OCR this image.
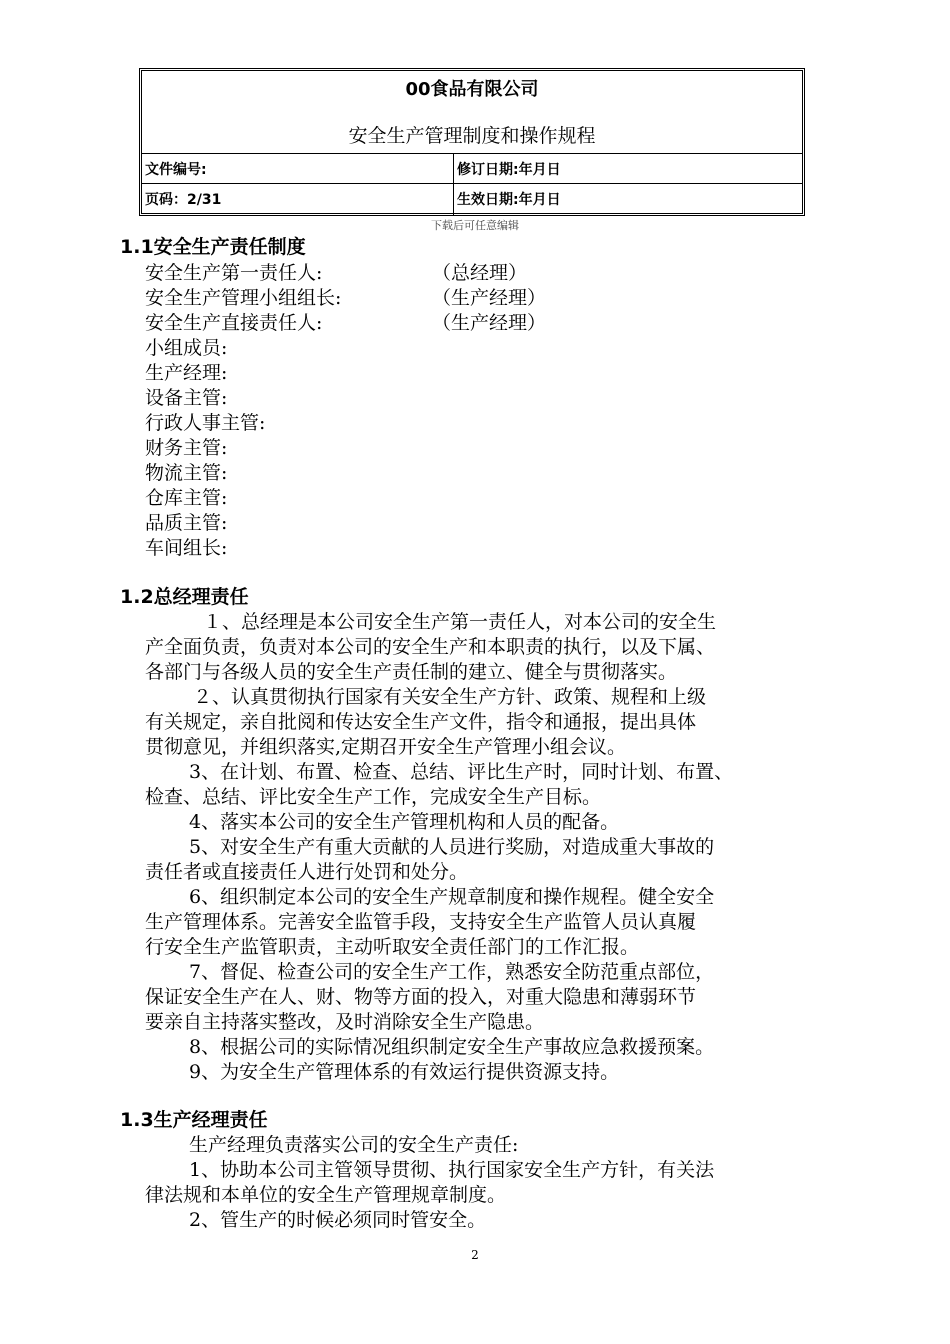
00食品有限公司
安全生产管理制度和操作规程
文件编号:	修订日期:年月日
页码：2/31	生效日期:年月日
下载后可任意编辑
1.1安全生产责任制度
安全生产第一责任人:	（总经理）
安全生产管理小组组长:	（生产经理）
安全生产直接责任人:	（生产经理）
小组成员:
生产经理:
设备主管:
行政人事主管:
财务主管:
物流主管:
仓库主管:
品质主管:
车间组长:
1.2总经理责任
１、总经理是本公司安全生产第一责任人，对本公司的安全生
产全面负责，负责对本公司的安全生产和本职责的执行，以及下属、
各部门与各级人员的安全生产责任制的建立、健全与贯彻落实。
２、认真贯彻执行国家有关安全生产方针、政策、规程和上级
有关规定，亲自批阅和传达安全生产文件，指令和通报，提出具体
贯彻意见，并组织落实,定期召开安全生产管理小组会议。
3、在计划、布置、检查、总结、评比生产时，同时计划、布置、
检查、总结、评比安全生产工作，完成安全生产目标。
4、落实本公司的安全生产管理机构和人员的配备。
5、对安全生产有重大贡献的人员进行奖励，对造成重大事故的
责任者或直接责任人进行处罚和处分。
6、组织制定本公司的安全生产规章制度和操作规程。健全安全
生产管理体系。完善安全监管手段，支持安全生产监管人员认真履
行安全生产监管职责，主动听取安全责任部门的工作汇报。
7、督促、检查公司的安全生产工作，熟悉安全防范重点部位，
保证安全生产在人、财、物等方面的投入，对重大隐患和薄弱环节
要亲自主持落实整改，及时消除安全生产隐患。
8、根据公司的实际情况组织制定安全生产事故应急救援预案。
9、为安全生产管理体系的有效运行提供资源支持。
1.3生产经理责任
生产经理负责落实公司的安全生产责任:
1、协助本公司主管领导贯彻、执行国家安全生产方针，有关法
律法规和本单位的安全生产管理规章制度。
2、管生产的时候必须同时管安全。
2
